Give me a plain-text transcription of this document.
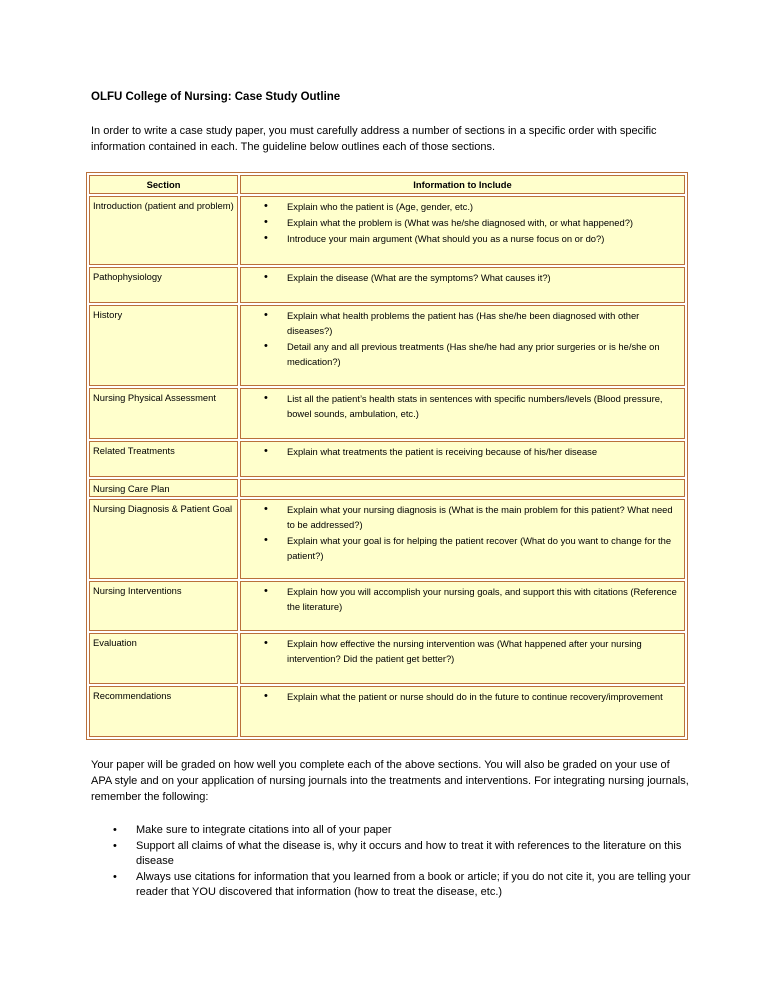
OLFU College of Nursing: Case Study Outline
In order to write a case study paper, you must carefully address a number of sections in a specific order with specific information contained in each. The guideline below outlines each of those sections.
Section	Information to Include
Introduction (patient and problem)	• Explain who the patient is (Age, gender, etc.)
• Explain what the problem is (What was he/she diagnosed with, or what happened?)
• Introduce your main argument (What should you as a nurse focus on or do?)
Pathophysiology	• Explain the disease (What are the symptoms? What causes it?)
History	• Explain what health problems the patient has (Has she/he been diagnosed with other diseases?)
• Detail any and all previous treatments (Has she/he had any prior surgeries or is he/she on medication?)
Nursing Physical Assessment	• List all the patient’s health stats in sentences with specific numbers/levels (Blood pressure, bowel sounds, ambulation, etc.)
Related Treatments	• Explain what treatments the patient is receiving because of his/her disease
Nursing Care Plan
Nursing Diagnosis & Patient Goal	• Explain what your nursing diagnosis is (What is the main problem for this patient? What need to be addressed?)
• Explain what your goal is for helping the patient recover (What do you want to change for the patient?)
Nursing Interventions	• Explain how you will accomplish your nursing goals, and support this with citations (Reference the literature)
Evaluation	• Explain how effective the nursing intervention was (What happened after your nursing intervention? Did the patient get better?)
Recommendations	• Explain what the patient or nurse should do in the future to continue recovery/improvement
Your paper will be graded on how well you complete each of the above sections. You will also be graded on your use of APA style and on your application of nursing journals into the treatments and interventions. For integrating nursing journals, remember the following:
• Make sure to integrate citations into all of your paper
• Support all claims of what the disease is, why it occurs and how to treat it with references to the literature on this disease
• Always use citations for information that you learned from a book or article; if you do not cite it, you are telling your reader that YOU discovered that information (how to treat the disease, etc.)
